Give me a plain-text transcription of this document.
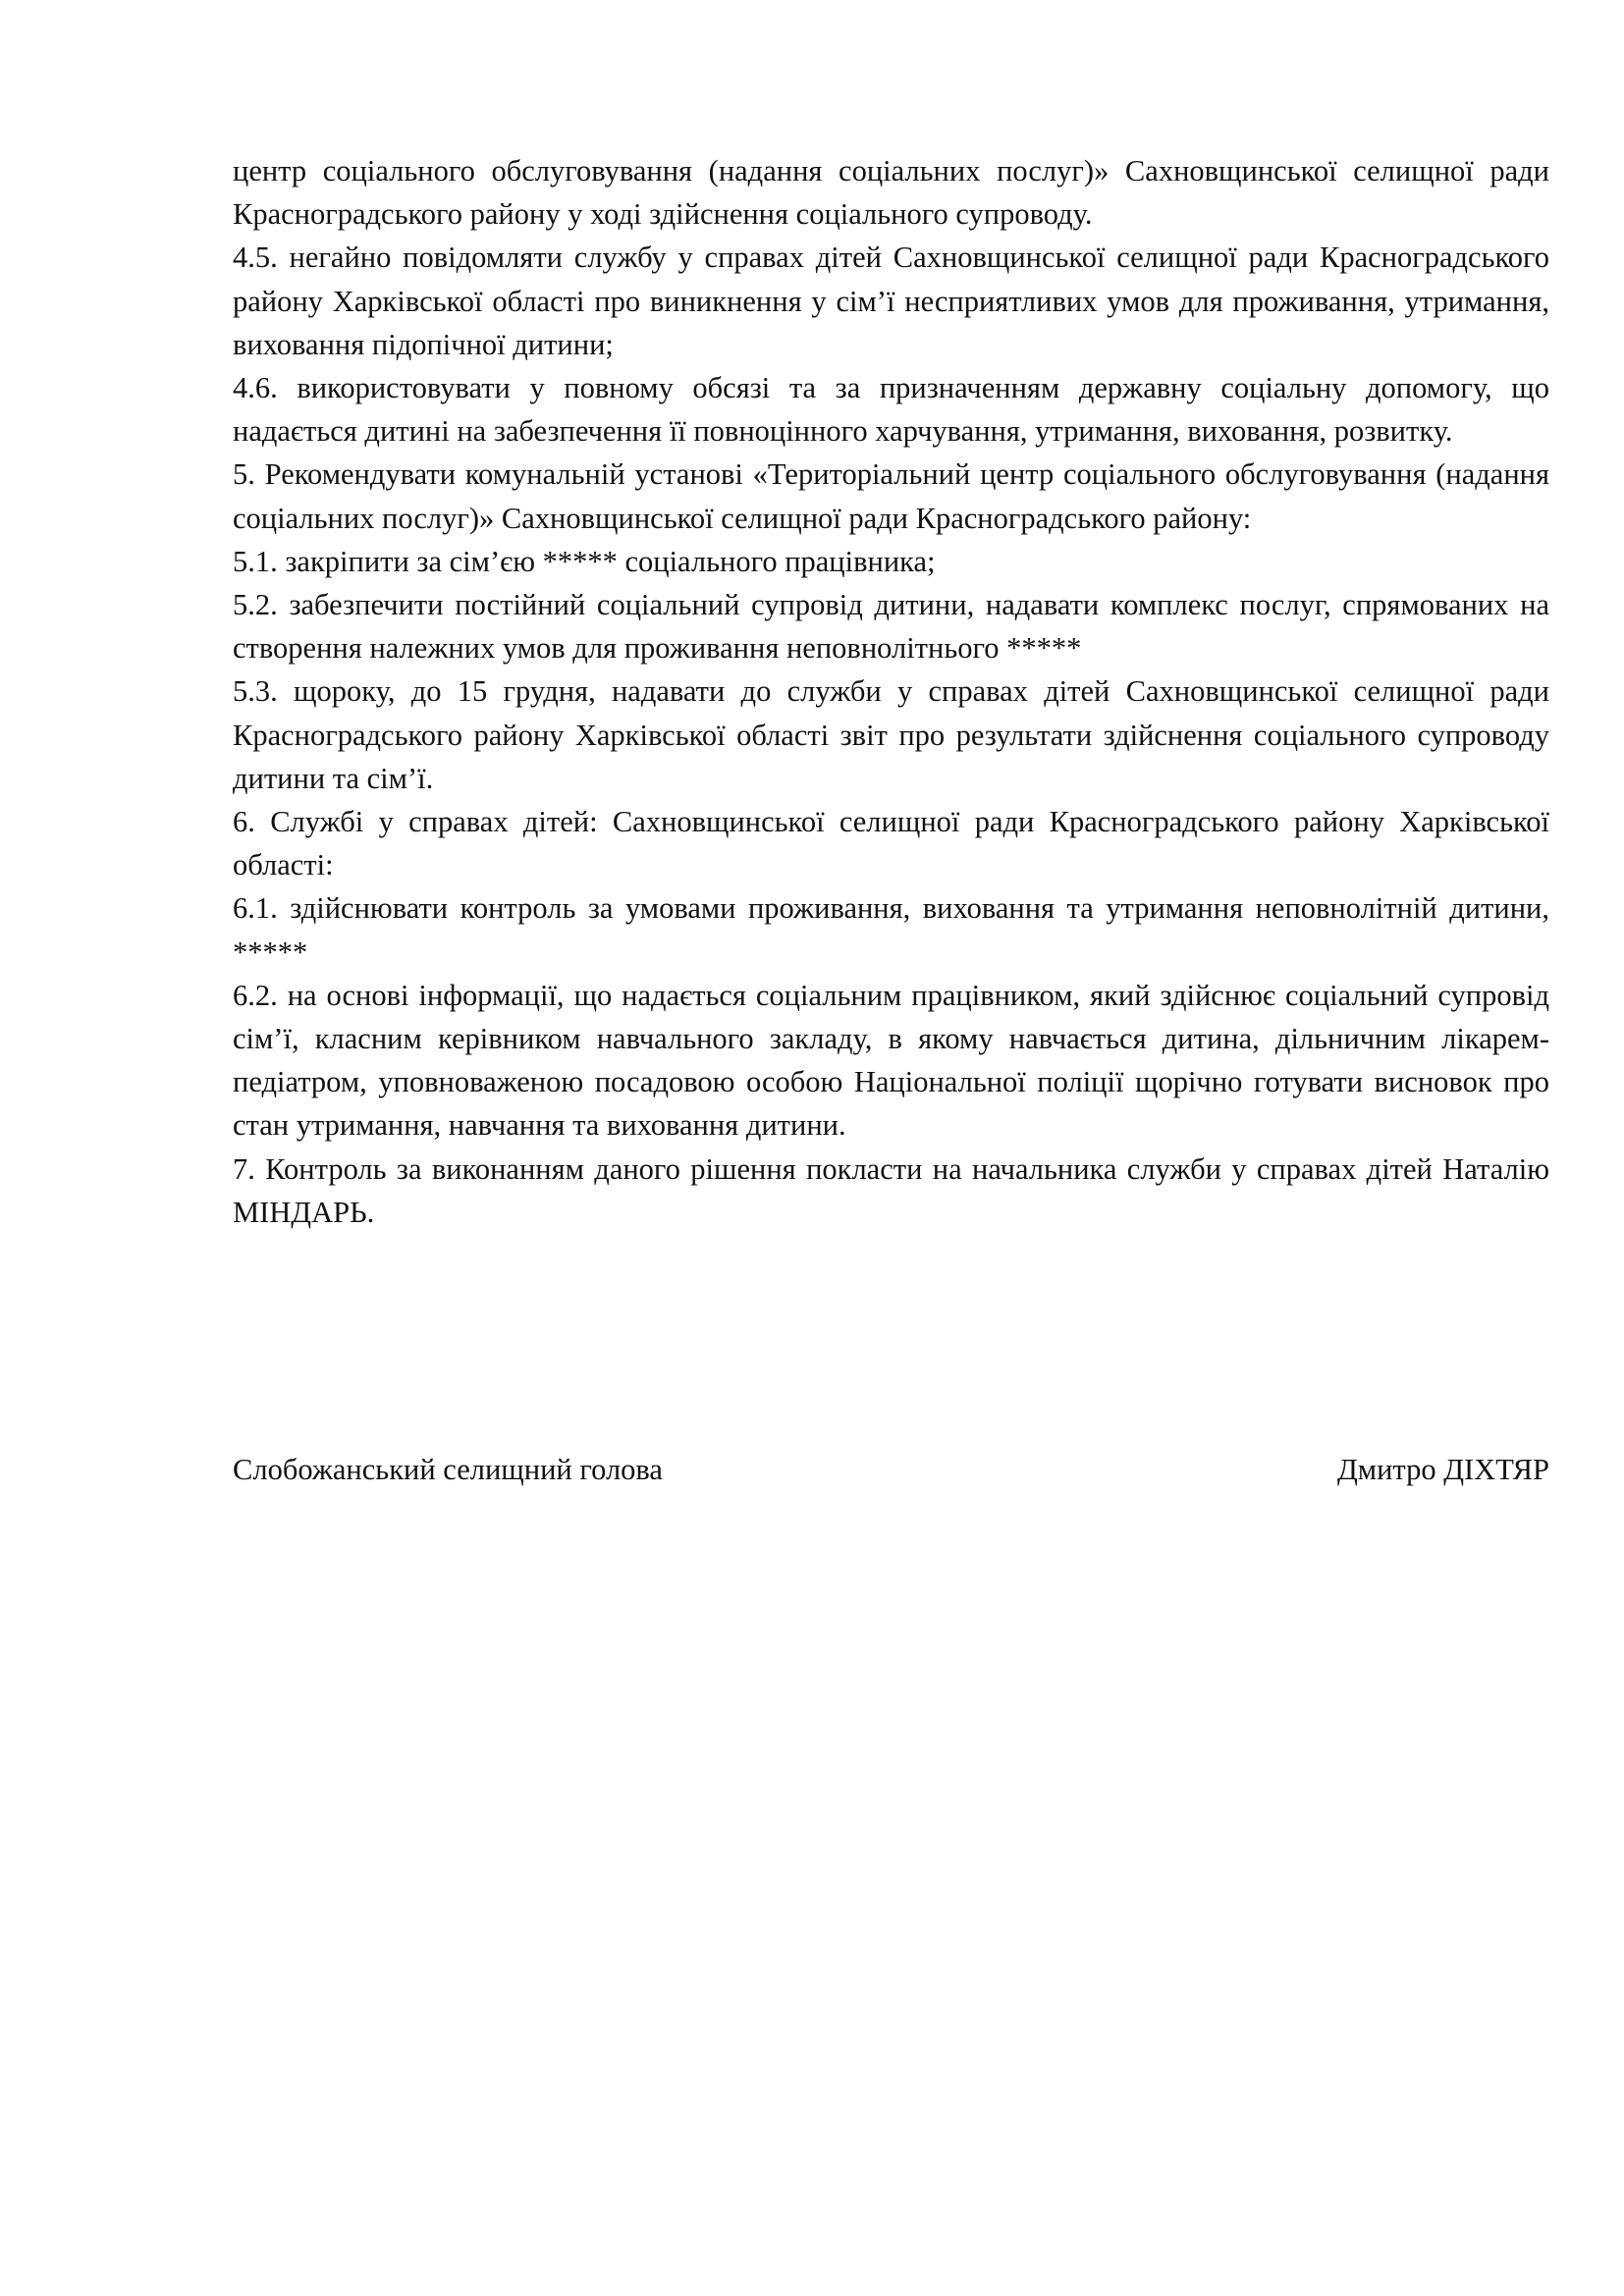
центр соціального обслуговування (надання соціальних послуг)» Сахновщинської селищної ради Красноградського району у ході здійснення соціального супроводу.

4.5. негайно повідомляти службу у справах дітей Сахновщинської селищної ради Красноградського району Харківської області про виникнення у сім’ї несприятливих умов для проживання, утримання, виховання підопічної дитини;

4.6. використовувати у повному обсязі та за призначенням державну соціальну допомогу, що надається дитині на забезпечення її повноцінного харчування, утримання, виховання, розвитку.

5. Рекомендувати комунальній установі «Територіальний центр соціального обслуговування (надання соціальних послуг)» Сахновщинської селищної ради Красноградського району:

5.1. закріпити за сім’єю ***** соціального працівника;

5.2. забезпечити постійний соціальний супровід дитини, надавати комплекс послуг, спрямованих на створення належних умов для проживання неповнолітнього *****

5.3. щороку, до 15 грудня, надавати до служби у справах дітей Сахновщинської селищної ради Красноградського району Харківської області звіт про результати здійснення соціального супроводу дитини та сім’ї.

6. Службі у справах дітей: Сахновщинської селищної ради Красноградського району Харківської області:

6.1. здійснювати контроль за умовами проживання, виховання та утримання неповнолітній дитини, *****

6.2. на основі інформації, що надається соціальним працівником, який здійснює соціальний супровід сім’ї, класним керівником навчального закладу, в якому навчається дитина, дільничним лікарем-педіатром, уповноваженою посадовою особою Національної поліції щорічно готувати висновок про стан утримання, навчання та виховання дитини.

7. Контроль за виконанням даного рішення покласти на начальника служби у справах дітей Наталію МІНДАРЬ.

Слобожанський селищний голова	Дмитро ДІХТЯР
